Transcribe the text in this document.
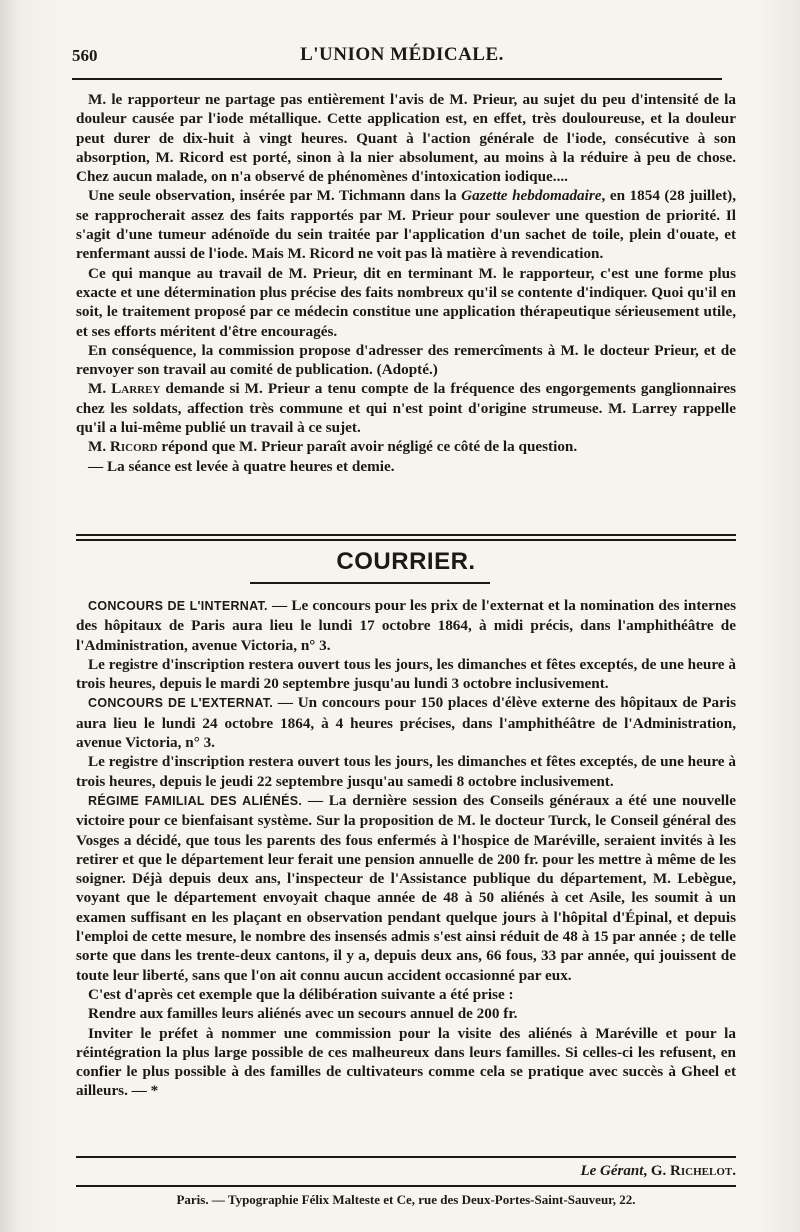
560	L'UNION MÉDICALE.

M. le rapporteur ne partage pas entièrement l'avis de M. Prieur, au sujet du peu d'intensité de la douleur causée par l'iode métallique. Cette application est, en effet, très douloureuse, et la douleur peut durer de dix-huit à vingt heures. Quant à l'action générale de l'iode, consécutive à son absorption, M. Ricord est porté, sinon à la nier absolument, au moins à la réduire à peu de chose. Chez aucun malade, on n'a observé de phénomènes d'intoxication iodique....

Une seule observation, insérée par M. Tichmann dans la Gazette hebdomadaire, en 1854 (28 juillet), se rapprocherait assez des faits rapportés par M. Prieur pour soulever une question de priorité. Il s'agit d'une tumeur adénoïde du sein traitée par l'application d'un sachet de toile, plein d'ouate, et renfermant aussi de l'iode. Mais M. Ricord ne voit pas là matière à revendication.

Ce qui manque au travail de M. Prieur, dit en terminant M. le rapporteur, c'est une forme plus exacte et une détermination plus précise des faits nombreux qu'il se contente d'indiquer. Quoi qu'il en soit, le traitement proposé par ce médecin constitue une application thérapeutique sérieusement utile, et ses efforts méritent d'être encouragés.

En conséquence, la commission propose d'adresser des remercîments à M. le docteur Prieur, et de renvoyer son travail au comité de publication. (Adopté.)

M. Larrey demande si M. Prieur a tenu compte de la fréquence des engorgements ganglionnaires chez les soldats, affection très commune et qui n'est point d'origine strumeuse. M. Larrey rappelle qu'il a lui-même publié un travail à ce sujet.

M. Ricord répond que M. Prieur paraît avoir négligé ce côté de la question.

— La séance est levée à quatre heures et demie.

COURRIER.

CONCOURS DE L'INTERNAT. — Le concours pour les prix de l'externat et la nomination des internes des hôpitaux de Paris aura lieu le lundi 17 octobre 1864, à midi précis, dans l'amphithéâtre de l'Administration, avenue Victoria, n° 3.

Le registre d'inscription restera ouvert tous les jours, les dimanches et fêtes exceptés, de une heure à trois heures, depuis le mardi 20 septembre jusqu'au lundi 3 octobre inclusivement.

CONCOURS DE L'EXTERNAT. — Un concours pour 150 places d'élève externe des hôpitaux de Paris aura lieu le lundi 24 octobre 1864, à 4 heures précises, dans l'amphithéâtre de l'Administration, avenue Victoria, n° 3.

Le registre d'inscription restera ouvert tous les jours, les dimanches et fêtes exceptés, de une heure à trois heures, depuis le jeudi 22 septembre jusqu'au samedi 8 octobre inclusivement.

RÉGIME FAMILIAL DES ALIÉNÉS. — La dernière session des Conseils généraux a été une nouvelle victoire pour ce bienfaisant système. Sur la proposition de M. le docteur Turck, le Conseil général des Vosges a décidé, que tous les parents des fous enfermés à l'hospice de Maréville, seraient invités à les retirer et que le département leur ferait une pension annuelle de 200 fr. pour les mettre à même de les soigner. Déjà depuis deux ans, l'inspecteur de l'Assistance publique du département, M. Lebègue, voyant que le département envoyait chaque année de 48 à 50 aliénés à cet Asile, les soumit à un examen suffisant en les plaçant en observation pendant quelque jours à l'hôpital d'Épinal, et depuis l'emploi de cette mesure, le nombre des insensés admis s'est ainsi réduit de 48 à 15 par année ; de telle sorte que dans les trente-deux cantons, il y a, depuis deux ans, 66 fous, 33 par année, qui jouissent de toute leur liberté, sans que l'on ait connu aucun accident occasionné par eux.

C'est d'après cet exemple que la délibération suivante a été prise :

Rendre aux familles leurs aliénés avec un secours annuel de 200 fr.

Inviter le préfet à nommer une commission pour la visite des aliénés à Maréville et pour la réintégration la plus large possible de ces malheureux dans leurs familles. Si celles-ci les refusent, en confier le plus possible à des familles de cultivateurs comme cela se pratique avec succès à Gheel et ailleurs. — *

Le Gérant, G. Richelot.
Paris. — Typographie Félix Malteste et Ce, rue des Deux-Portes-Saint-Sauveur, 22.
